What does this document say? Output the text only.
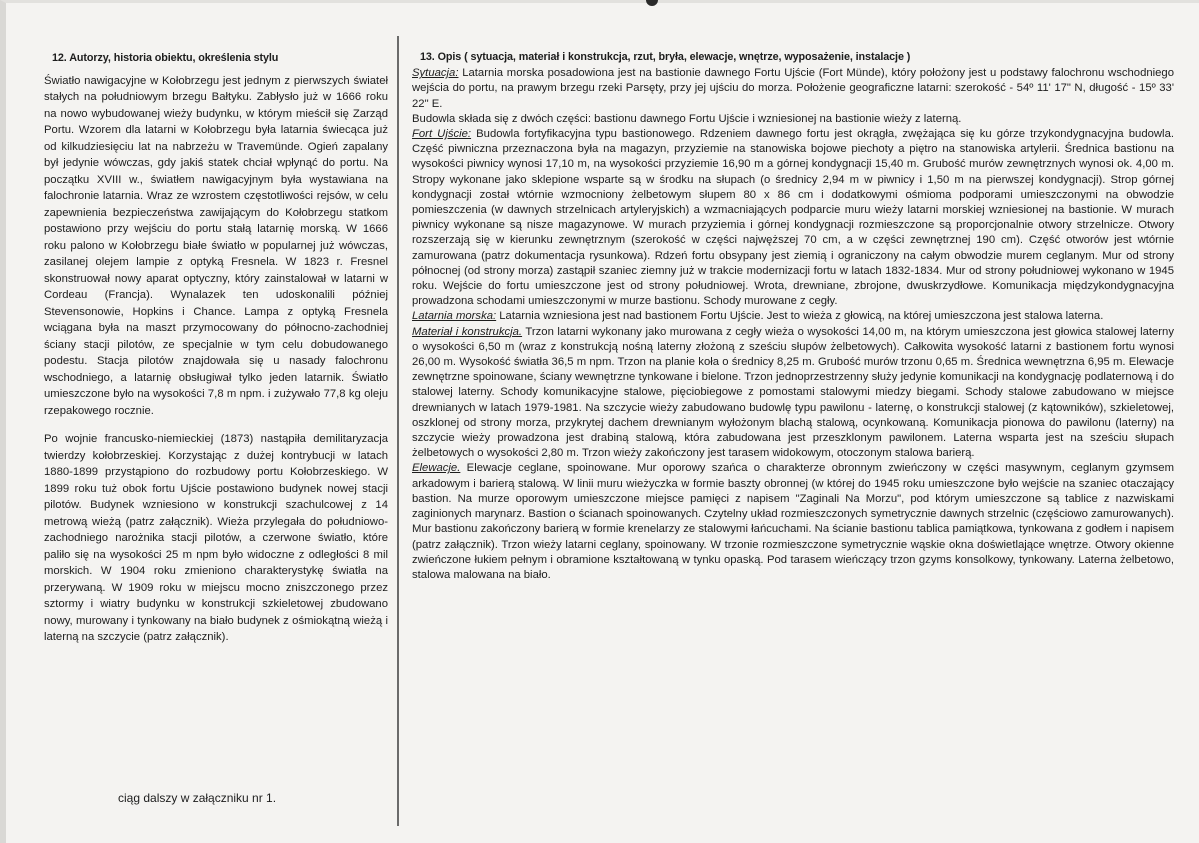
12. Autorzy, historia obiektu, określenia stylu

Światło nawigacyjne w Kołobrzegu jest jednym z pierwszych świateł stałych na południowym brzegu Bałtyku. Zabłysło już w 1666 roku na nowo wybudowanej wieży budynku, w którym mieścił się Zarząd Portu. Wzorem dla latarni w Kołobrzegu była latarnia świecąca już od kilkudziesięciu lat na nabrzeżu w Travemünde. Ogień zapalany był jedynie wówczas, gdy jakiś statek chciał wpłynąć do portu. Na początku XVIII w., światłem nawigacyjnym była wystawiana na falochronie latarnia. Wraz ze wzrostem częstotliwości rejsów, w celu zapewnienia bezpieczeństwa zawijającym do Kołobrzegu statkom postawiono przy wejściu do portu stałą latarnię morską. W 1666 roku palono w Kołobrzegu białe światło w popularnej już wówczas, zasilanej olejem lampie z optyką Fresnela. W 1823 r. Fresnel skonstruował nowy aparat optyczny, który zainstalował w latarni w Cordeau (Francja). Wynalazek ten udoskonalili później Stevensonowie, Hopkins i Chance. Lampa z optyką Fresnela wciągana była na maszt przymocowany do północno-zachodniej ściany stacji pilotów, ze specjalnie w tym celu dobudowanego podestu. Stacja pilotów znajdowała się u nasady falochronu wschodniego, a latarnię obsługiwał tylko jeden latarnik. Światło umieszczone było na wysokości 7,8 m npm. i zużywało 77,8 kg oleju rzepakowego rocznie.

Po wojnie francusko-niemieckiej (1873) nastąpiła demilitaryzacja twierdzy kołobrzeskiej. Korzystając z dużej kontrybucji w latach 1880-1899 przystąpiono do rozbudowy portu Kołobrzeskiego. W 1899 roku tuż obok fortu Ujście postawiono budynek nowej stacji pilotów. Budynek wzniesiono w konstrukcji szachulcowej z 14 metrową wieżą (patrz załącznik). Wieża przylegała do południowo-zachodniego narożnika stacji pilotów, a czerwone światło, które paliło się na wysokości 25 m npm było widoczne z odległości 8 mil morskich. W 1904 roku zmieniono charakterystykę światła na przerywaną. W 1909 roku w miejscu mocno zniszczonego przez sztormy i wiatry budynku w konstrukcji szkieletowej zbudowano nowy, murowany i tynkowany na biało budynek z ośmiokątną wieżą i laterną na szczycie (patrz załącznik).

ciąg dalszy w załączniku nr 1.
13. Opis ( sytuacja, materiał i konstrukcja, rzut, bryła, elewacje, wnętrze, wyposażenie, instalacje )

Sytuacja: Latarnia morska posadowiona jest na bastionie dawnego Fortu Ujście (Fort Münde), który położony jest u podstawy falochronu wschodniego wejścia do portu, na prawym brzegu rzeki Parsęty, przy jej ujściu do morza. Położenie geograficzne latarni: szerokość - 54º 11' 17" N, długość - 15º 33' 22" E.

Budowla składa się z dwóch części: bastionu dawnego Fortu Ujście i wzniesionej na bastionie wieży z laterną.

Fort Ujście: Budowla fortyfikacyjna typu bastionowego. Rdzeniem dawnego fortu jest okrągła, zwężająca się ku górze trzykondygnacyjna budowla. Część piwniczna przeznaczona była na magazyn, przyziemie na stanowiska bojowe piechoty a piętro na stanowiska artylerii. Średnica bastionu na wysokości piwnicy wynosi 17,10 m, na wysokości przyziemie 16,90 m a górnej kondygnacji 15,40 m. Grubość murów zewnętrznych wynosi ok. 4,00 m. Stropy wykonane jako sklepione wsparte są w środku na słupach (o średnicy 2,94 m w piwnicy i 1,50 m na pierwszej kondygnacji). Strop górnej kondygnacji został wtórnie wzmocniony żelbetowym słupem 80 x 86 cm i dodatkowymi ośmioma podporami umieszczonymi na obwodzie pomieszczenia (w dawnych strzelnicach artyleryjskich) a wzmacniających podparcie muru wieży latarni morskiej wzniesionej na bastionie. W murach piwnicy wykonane są nisze magazynowe. W murach przyziemia i górnej kondygnacji rozmieszczone są proporcjonalnie otwory strzelnicze. Otwory rozszerzają się w kierunku zewnętrznym (szerokość w części najwęższej 70 cm, a w części zewnętrznej 190 cm). Część otworów jest wtórnie zamurowana (patrz dokumentacja rysunkowa). Rdzeń fortu obsypany jest ziemią i ograniczony na całym obwodzie murem ceglanym. Mur od strony północnej (od strony morza) zastąpił szaniec ziemny już w trakcie modernizacji fortu w latach 1832-1834. Mur od strony południowej wykonano w 1945 roku. Wejście do fortu umieszczone jest od strony południowej. Wrota, drewniane, zbrojone, dwuskrzydłowe. Komunikacja międzykondygnacyjna prowadzona schodami umieszczonymi w murze bastionu. Schody murowane z cegły.

Latarnia morska: Latarnia wzniesiona jest nad bastionem Fortu Ujście. Jest to wieża z głowicą, na której umieszczona jest stalowa laterna.

Materiał i konstrukcja. Trzon latarni wykonany jako murowana z cegły wieża o wysokości 14,00 m, na którym umieszczona jest głowica stalowej laterny o wysokości 6,50 m (wraz z konstrukcją nośną laterny złożoną z sześciu słupów żelbetowych). Całkowita wysokość latarni z bastionem fortu wynosi 26,00 m. Wysokość światła 36,5 m npm. Trzon na planie koła o średnicy 8,25 m. Grubość murów trzonu 0,65 m. Średnica wewnętrzna 6,95 m. Elewacje zewnętrzne spoinowane, ściany wewnętrzne tynkowane i bielone. Trzon jednoprzestrzenny służy jedynie komunikacji na kondygnację podlaternową i do stalowej laterny. Schody komunikacyjne stalowe, pięciobiegowe z pomostami stalowymi miedzy biegami. Schody stalowe zabudowano w miejsce drewnianych w latach 1979-1981. Na szczycie wieży zabudowano budowlę typu pawilonu - laternę, o konstrukcji stalowej (z kątowników), szkieletowej, oszklonej od strony morza, przykrytej dachem drewnianym wyłożonym blachą stalową, ocynkowaną. Komunikacja pionowa do pawilonu (laterny) na szczycie wieży prowadzona jest drabiną stalową, która zabudowana jest przeszklonym pawilonem. Laterna wsparta jest na sześciu słupach żelbetowych o wysokości 2,80 m. Trzon wieży zakończony jest tarasem widokowym, otoczonym stalowa barierą.

Elewacje. Elewacje ceglane, spoinowane. Mur oporowy szańca o charakterze obronnym zwieńczony w części masywnym, ceglanym gzymsem arkadowym i barierą stalową. W linii muru wieżyczka w formie baszty obronnej (w której do 1945 roku umieszczone było wejście na szaniec otaczający bastion. Na murze oporowym umieszczone miejsce pamięci z napisem "Zaginali Na Morzu", pod którym umieszczone są tablice z nazwiskami zaginionych marynarz. Bastion o ścianach spoinowanych. Czytelny układ rozmieszczonych symetrycznie dawnych strzelnic (częściowo zamurowanych). Mur bastionu zakończony barierą w formie krenelarzy ze stalowymi łańcuchami. Na ścianie bastionu tablica pamiątkowa, tynkowana z godłem i napisem (patrz załącznik). Trzon wieży latarni ceglany, spoinowany. W trzonie rozmieszczone symetrycznie wąskie okna doświetlające wnętrze. Otwory okienne zwieńczone łukiem pełnym i obramione kształtowaną w tynku opaską. Pod tarasem wieńczący trzon gzyms konsolkowy, tynkowany. Laterna żelbetowo, stalowa malowana na biało.
